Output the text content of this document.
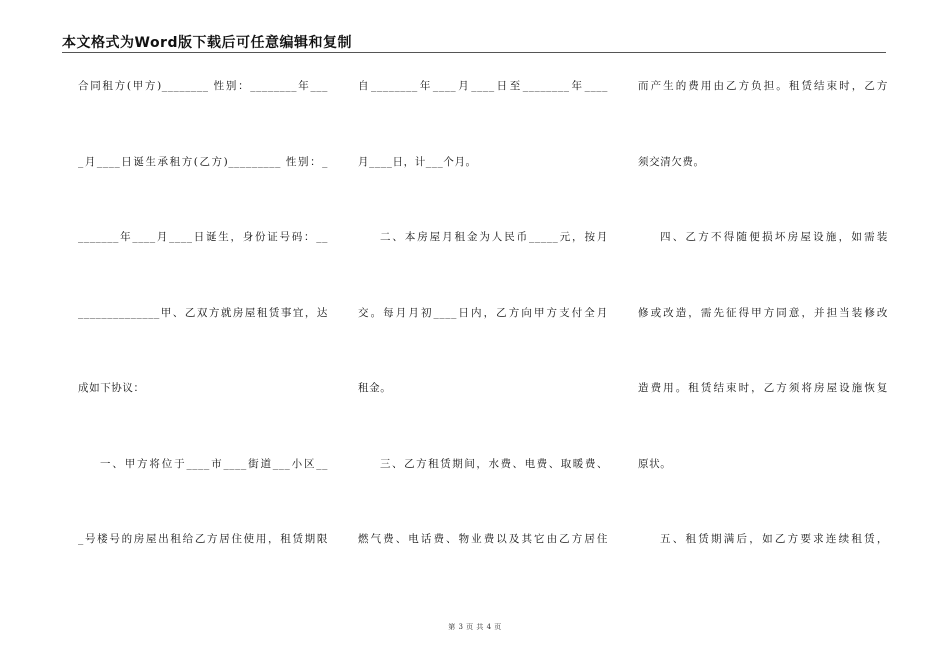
本文格式为Word版下载后可任意编辑和复制
合同租方(甲方)________ 性别：________年___
_月____日诞生承租方(乙方)_________ 性别：_
_______年____月____日诞生，身份证号码：__
______________甲、乙双方就房屋租赁事宜，达
成如下协议：
一、甲方将位于____市____街道___小区__
_号楼号的房屋出租给乙方居住使用，租赁期限
自________年____月____日至________年____
月____日，计___个月。
二、本房屋月租金为人民币_____元，按月
交。每月月初____日内，乙方向甲方支付全月
租金。
三、乙方租赁期间，水费、电费、取暖费、
燃气费、电话费、物业费以及其它由乙方居住
而产生的费用由乙方负担。租赁结束时，乙方
须交清欠费。
四、乙方不得随便损坏房屋设施，如需装
修或改造，需先征得甲方同意，并担当装修改
造费用。租赁结束时，乙方须将房屋设施恢复
原状。
五、租赁期满后，如乙方要求连续租赁，
第 3 页 共 4 页
